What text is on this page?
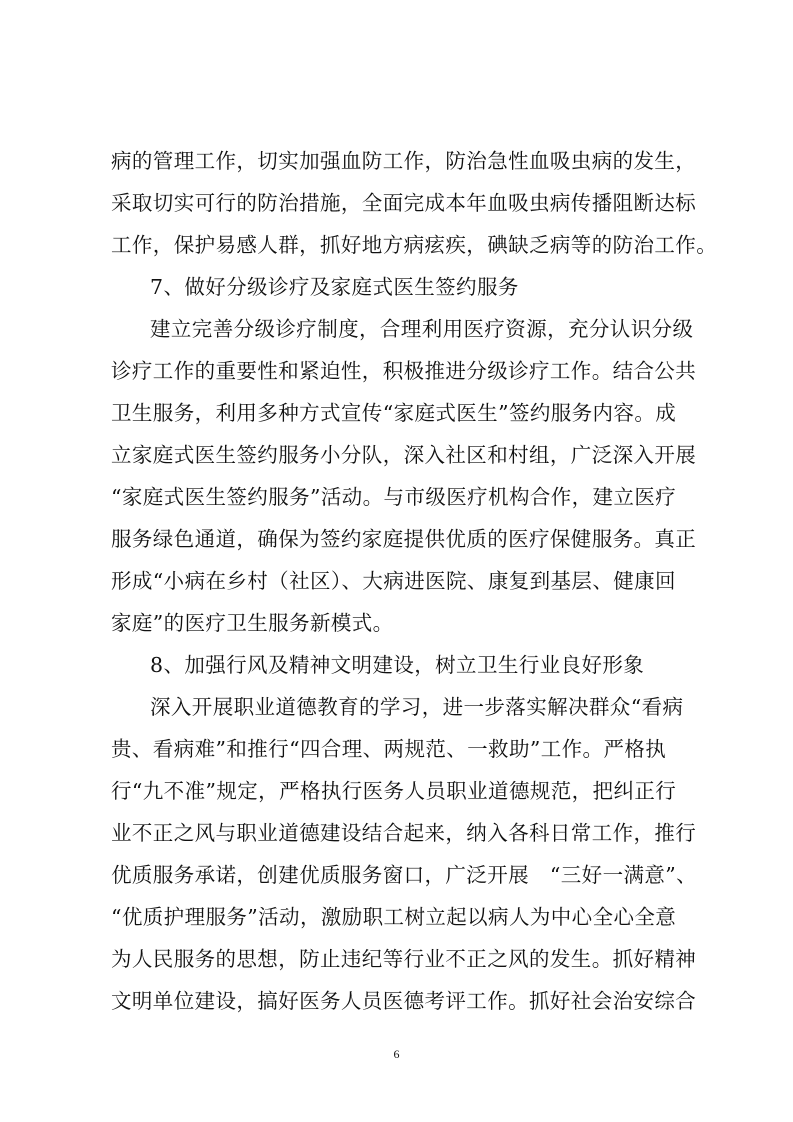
病的管理工作，切实加强血防工作，防治急性血吸虫病的发生，
采取切实可行的防治措施，全面完成本年血吸虫病传播阻断达标
工作，保护易感人群，抓好地方病痃疾，碘缺乏病等的防治工作。
7、做好分级诊疗及家庭式医生签约服务
建立完善分级诊疗制度，合理利用医疗资源，充分认识分级
诊疗工作的重要性和紧迫性，积极推进分级诊疗工作。结合公共
卫生服务，利用多种方式宣传“家庭式医生”签约服务内容。成
立家庭式医生签约服务小分队，深入社区和村组，广泛深入开展
“家庭式医生签约服务”活动。与市级医疗机构合作，建立医疗
服务绿色通道，确保为签约家庭提供优质的医疗保健服务。真正
形成“小病在乡村（社区）、大病进医院、康复到基层、健康回
家庭”的医疗卫生服务新模式。
8、加强行风及精神文明建设，树立卫生行业良好形象
深入开展职业道德教育的学习，进一步落实解决群众“看病
贵、看病难”和推行“四合理、两规范、一救助”工作。严格执
行“九不准”规定，严格执行医务人员职业道德规范，把纠正行
业不正之风与职业道德建设结合起来，纳入各科日常工作，推行
优质服务承诺，创建优质服务窗口，广泛开展　“三好一满意”、
“优质护理服务”活动，激励职工树立起以病人为中心全心全意
为人民服务的思想，防止违纪等行业不正之风的发生。抓好精神
文明单位建设，搞好医务人员医德考评工作。抓好社会治安综合
6
